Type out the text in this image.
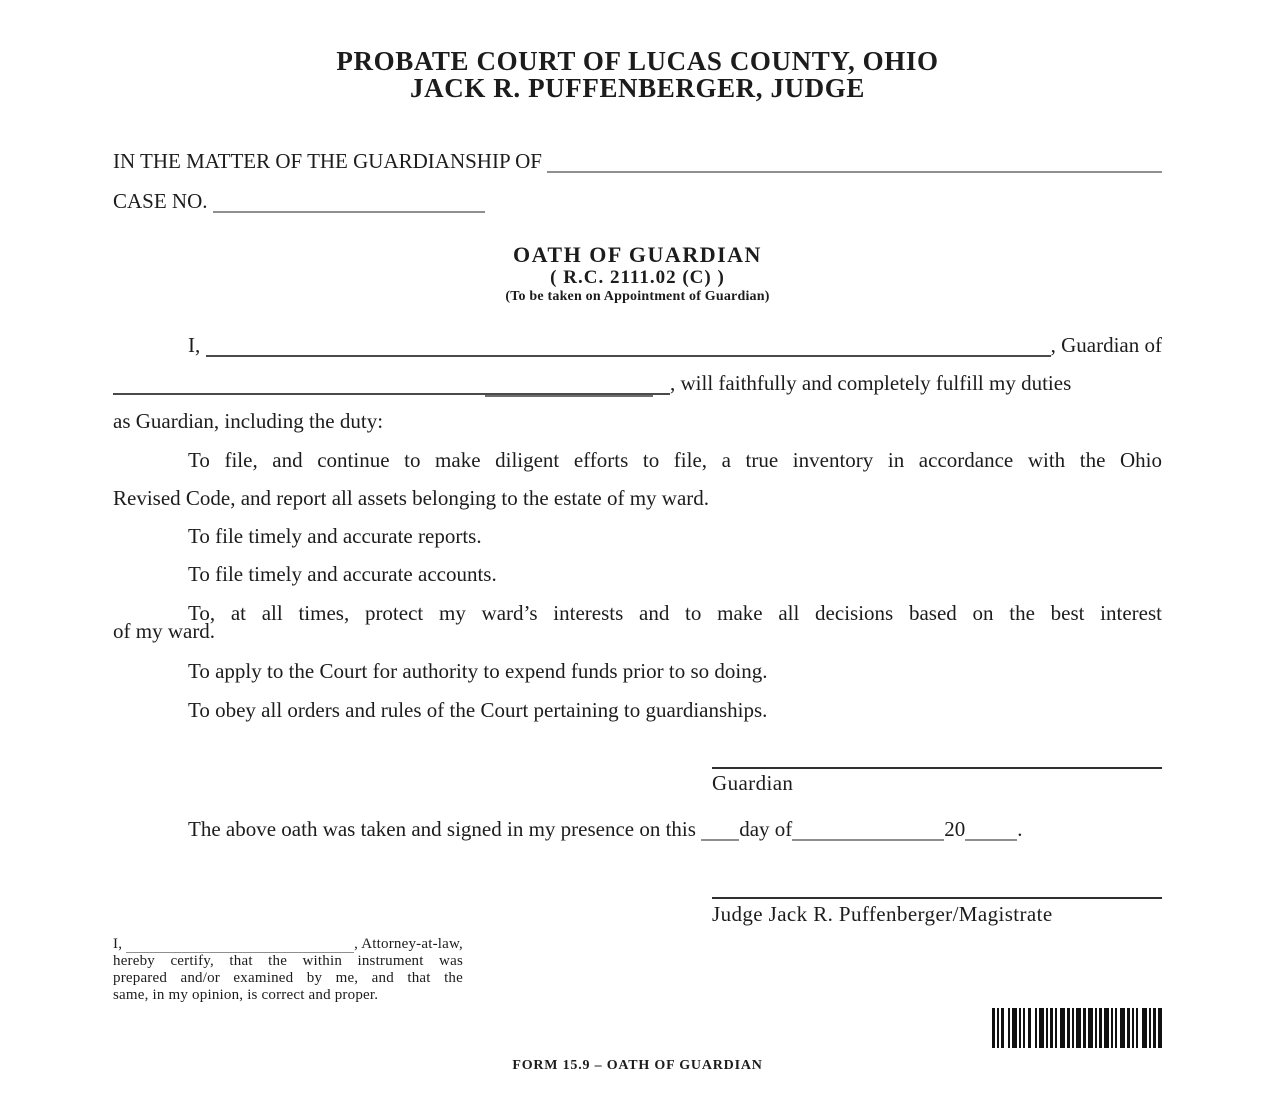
PROBATE COURT OF LUCAS COUNTY, OHIO
JACK R. PUFFENBERGER, JUDGE
IN THE MATTER OF THE GUARDIANSHIP OF
CASE NO.
OATH OF GUARDIAN
( R.C. 2111.02 (C) )
(To be taken on Appointment of Guardian)
I,	, Guardian of
, will faithfully and completely fulfill my duties
as Guardian, including the duty:
To file, and continue to make diligent efforts to file, a true inventory in accordance with the Ohio
Revised Code, and report all assets belonging to the estate of my ward.
To file timely and accurate reports.
To file timely and accurate accounts.
To, at all times, protect my ward’s interests and to make all decisions based on the best interest
of my ward.
To apply to the Court for authority to expend funds prior to so doing.
To obey all orders and rules of the Court pertaining to guardianships.
Guardian
The above oath was taken and signed in my presence on this day of	20 .
Judge Jack R. Puffenberger/Magistrate
I,	, Attorney-at-law,
hereby certify, that the within instrument was
prepared and/or examined by me, and that the
same, in my opinion, is correct and proper.
FORM 15.9 – OATH OF GUARDIAN
